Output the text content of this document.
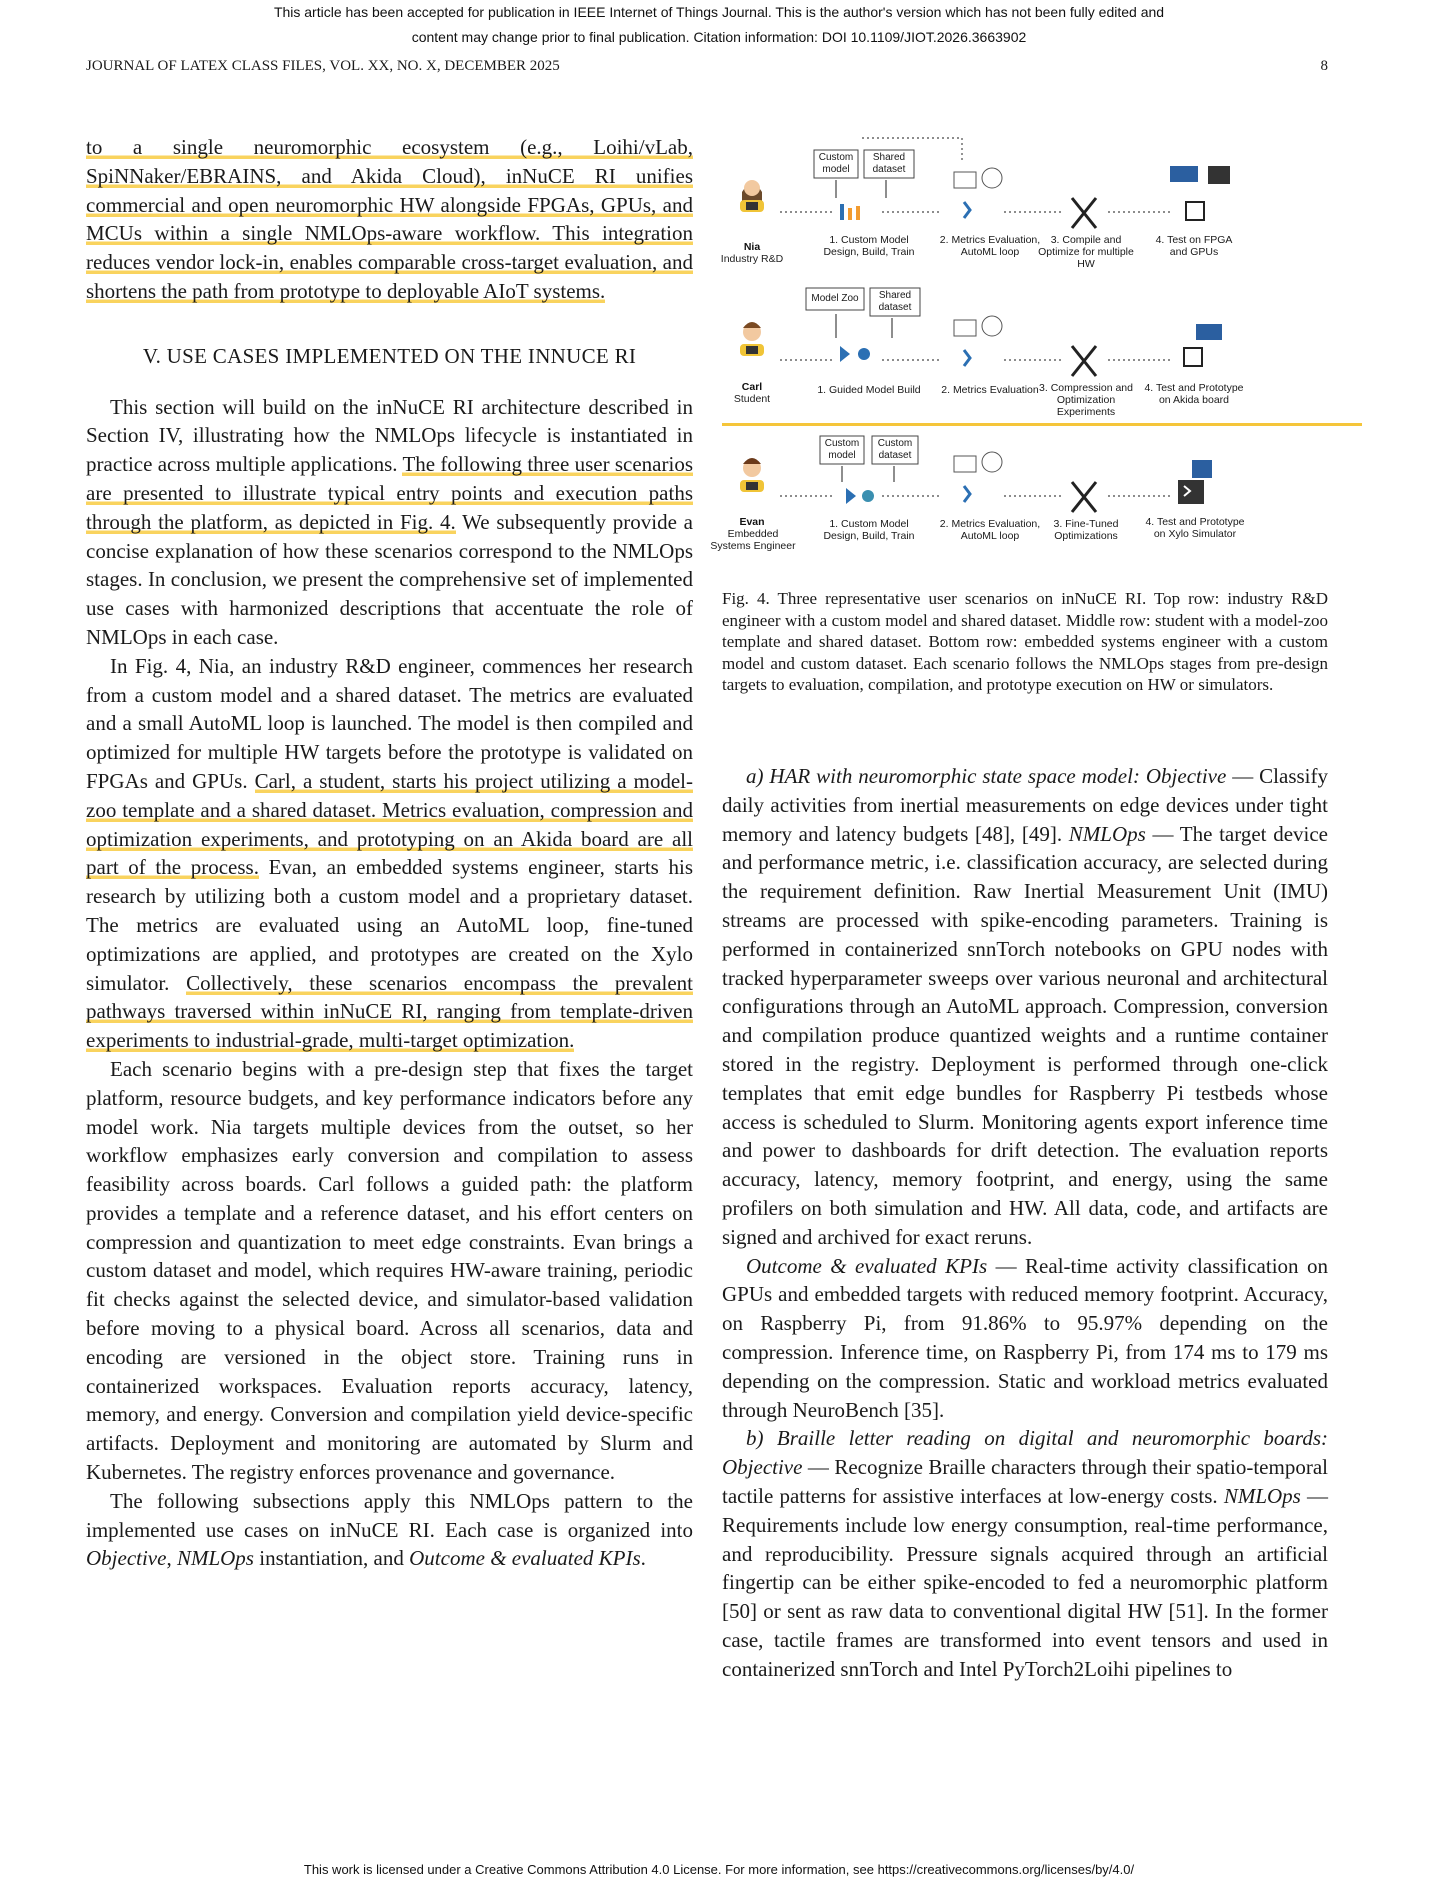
This article has been accepted for publication in IEEE Internet of Things Journal. This is the author's version which has not been fully edited and
content may change prior to final publication. Citation information: DOI 10.1109/JIOT.2026.3663902
JOURNAL OF LATEX CLASS FILES, VOL. XX, NO. X, DECEMBER 2025	8

to a single neuromorphic ecosystem (e.g., Loihi/vLab, SpiNNaker/EBRAINS, and Akida Cloud), inNuCE RI unifies commercial and open neuromorphic HW alongside FPGAs, GPUs, and MCUs within a single NMLOps-aware workflow. This integration reduces vendor lock-in, enables comparable cross-target evaluation, and shortens the path from prototype to deployable AIoT systems.

V. USE CASES IMPLEMENTED ON THE INNUCE RI

This section will build on the inNuCE RI architecture described in Section IV, illustrating how the NMLOps lifecycle is instantiated in practice across multiple applications. The following three user scenarios are presented to illustrate typical entry points and execution paths through the platform, as depicted in Fig. 4. We subsequently provide a concise explanation of how these scenarios correspond to the NMLOps stages. In conclusion, we present the comprehensive set of implemented use cases with harmonized descriptions that accentuate the role of NMLOps in each case.

In Fig. 4, Nia, an industry R&D engineer, commences her research from a custom model and a shared dataset. The metrics are evaluated and a small AutoML loop is launched. The model is then compiled and optimized for multiple HW targets before the prototype is validated on FPGAs and GPUs. Carl, a student, starts his project utilizing a model-zoo template and a shared dataset. Metrics evaluation, compression and optimization experiments, and prototyping on an Akida board are all part of the process. Evan, an embedded systems engineer, starts his research by utilizing both a custom model and a proprietary dataset. The metrics are evaluated using an AutoML loop, fine-tuned optimizations are applied, and prototypes are created on the Xylo simulator. Collectively, these scenarios encompass the prevalent pathways traversed within inNuCE RI, ranging from template-driven experiments to industrial-grade, multi-target optimization.

Each scenario begins with a pre-design step that fixes the target platform, resource budgets, and key performance indicators before any model work. Nia targets multiple devices from the outset, so her workflow emphasizes early conversion and compilation to assess feasibility across boards. Carl follows a guided path: the platform provides a template and a reference dataset, and his effort centers on compression and quantization to meet edge constraints. Evan brings a custom dataset and model, which requires HW-aware training, periodic fit checks against the selected device, and simulator-based validation before moving to a physical board. Across all scenarios, data and encoding are versioned in the object store. Training runs in containerized workspaces. Evaluation reports accuracy, latency, memory, and energy. Conversion and compilation yield device-specific artifacts. Deployment and monitoring are automated by Slurm and Kubernetes. The registry enforces provenance and governance.

The following subsections apply this NMLOps pattern to the implemented use cases on inNuCE RI. Each case is organized into Objective, NMLOps instantiation, and Outcome & evaluated KPIs.

Nia
Industry R&D
Custom model
Shared dataset
1. Custom Model Design, Build, Train
2. Metrics Evaluation, AutoML loop
3. Compile and Optimize for multiple HW
4. Test on FPGA and GPUs
Carl
Student
Model Zoo	Shared dataset
1. Guided Model Build	2. Metrics Evaluation 3. Compression and Optimization Experiments
4. Test and Prototype on Akida board
Evan
Embedded Systems Engineer
Custom model
Custom dataset
1. Custom Model Design, Build, Train
2. Metrics Evaluation, AutoML loop
3. Fine-Tuned Optimizations
4. Test and Prototype on Xylo Simulator
Fig. 4. Three representative user scenarios on inNuCE RI. Top row: industry R&D engineer with a custom model and shared dataset. Middle row: student with a model-zoo template and shared dataset. Bottom row: embedded systems engineer with a custom model and custom dataset. Each scenario follows the NMLOps stages from pre-design targets to evaluation, compilation, and prototype execution on HW or simulators.

a) HAR with neuromorphic state space model: Objective — Classify daily activities from inertial measurements on edge devices under tight memory and latency budgets [48], [49]. NMLOps — The target device and performance metric, i.e. classification accuracy, are selected during the requirement definition. Raw Inertial Measurement Unit (IMU) streams are processed with spike-encoding parameters. Training is performed in containerized snnTorch notebooks on GPU nodes with tracked hyperparameter sweeps over various neuronal and architectural configurations through an AutoML approach. Compression, conversion and compilation produce quantized weights and a runtime container stored in the registry. Deployment is performed through one-click templates that emit edge bundles for Raspberry Pi testbeds whose access is scheduled to Slurm. Monitoring agents export inference time and power to dashboards for drift detection. The evaluation reports accuracy, latency, memory footprint, and energy, using the same profilers on both simulation and HW. All data, code, and artifacts are signed and archived for exact reruns.

Outcome & evaluated KPIs — Real-time activity classification on GPUs and embedded targets with reduced memory footprint. Accuracy, on Raspberry Pi, from 91.86% to 95.97% depending on the compression. Inference time, on Raspberry Pi, from 174 ms to 179 ms depending on the compression. Static and workload metrics evaluated through NeuroBench [35].

b) Braille letter reading on digital and neuromorphic boards: Objective — Recognize Braille characters through their spatio-temporal tactile patterns for assistive interfaces at low-energy costs. NMLOps — Requirements include low energy consumption, real-time performance, and reproducibility. Pressure signals acquired through an artificial fingertip can be either spike-encoded to fed a neuromorphic platform [50] or sent as raw data to conventional digital HW [51]. In the former case, tactile frames are transformed into event tensors and used in containerized snnTorch and Intel PyTorch2Loihi pipelines to

This work is licensed under a Creative Commons Attribution 4.0 License. For more information, see https://creativecommons.org/licenses/by/4.0/
